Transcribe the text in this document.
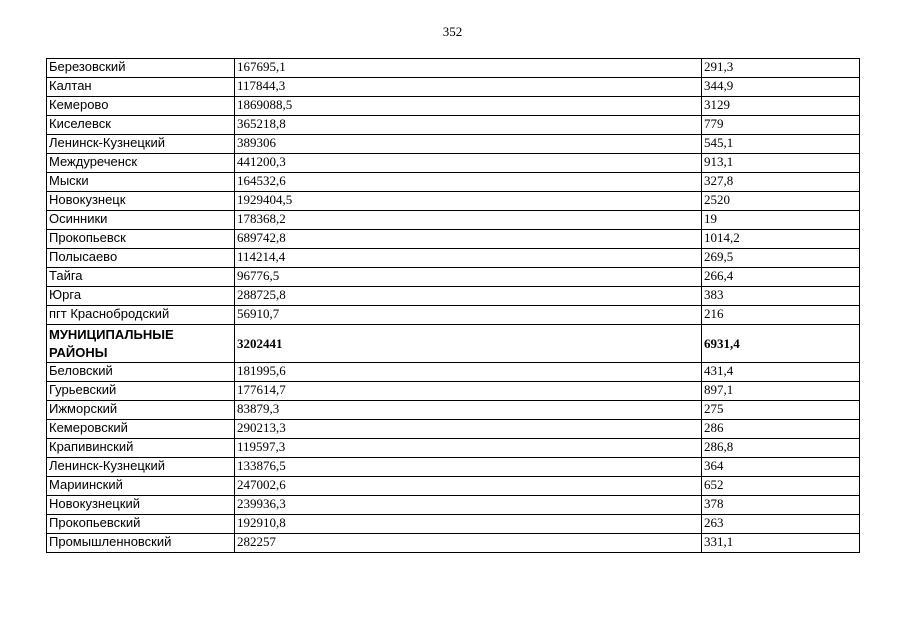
352
Березовский	167695,1	291,3
Калтан	117844,3	344,9
Кемерово	1869088,5	3129
Киселевск	365218,8	779
Ленинск-Кузнецкий	389306	545,1
Междуреченск	441200,3	913,1
Мыски	164532,6	327,8
Новокузнецк	1929404,5	2520
Осинники	178368,2	19
Прокопьевск	689742,8	1014,2
Полысаево	114214,4	269,5
Тайга	96776,5	266,4
Юрга	288725,8	383
пгт Краснобродский	56910,7	216
МУНИЦИПАЛЬНЫЕ РАЙОНЫ	3202441	6931,4
Беловский	181995,6	431,4
Гурьевский	177614,7	897,1
Ижморский	83879,3	275
Кемеровский	290213,3	286
Крапивинский	119597,3	286,8
Ленинск-Кузнецкий	133876,5	364
Мариинский	247002,6	652
Новокузнецкий	239936,3	378
Прокопьевский	192910,8	263
Промышленновский	282257	331,1
